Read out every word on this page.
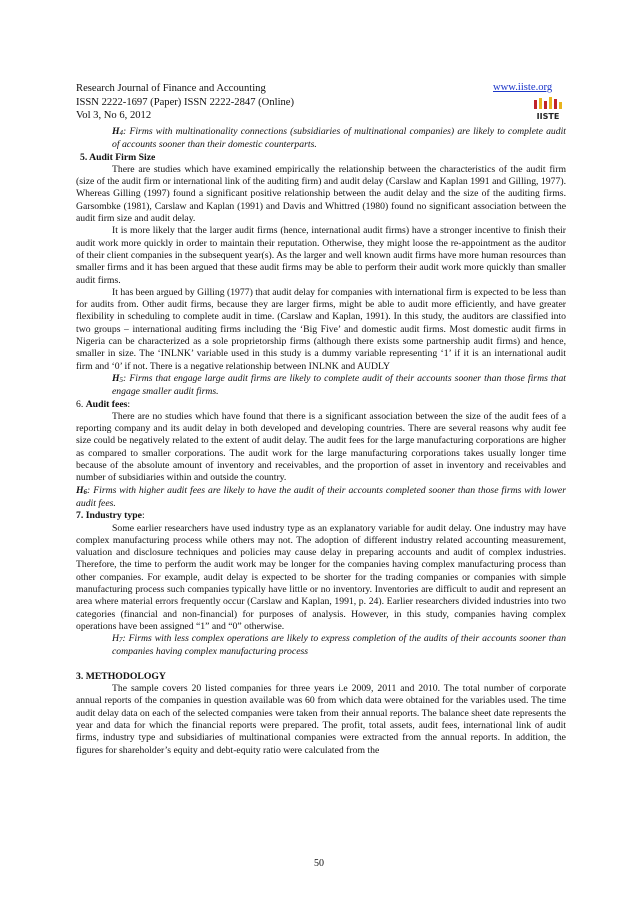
Research Journal of Finance and Accounting
ISSN 2222-1697 (Paper) ISSN 2222-2847 (Online)
Vol 3, No 6, 2012
www.iiste.org
IISTE

H4: Firms with multinationality connections (subsidiaries of multinational companies) are likely to complete audit of accounts sooner than their domestic counterparts.

5. Audit Firm Size

There are studies which have examined empirically the relationship between the characteristics of the audit firm (size of the audit firm or international link of the auditing firm) and audit delay (Carslaw and Kaplan 1991 and Gilling, 1977). Whereas Gilling (1997) found a significant positive relationship between the audit delay and the size of the auditing firms. Garsombke (1981), Carslaw and Kaplan (1991) and Davis and Whittred (1980) found no significant association between the audit firm size and audit delay.

It is more likely that the larger audit firms (hence, international audit firms) have a stronger incentive to finish their audit work more quickly in order to maintain their reputation. Otherwise, they might loose the re-appointment as the auditor of their client companies in the subsequent year(s). As the larger and well known audit firms have more human resources than smaller firms and it has been argued that these audit firms may be able to perform their audit work more quickly than smaller audit firms.

It has been argued by Gilling (1977) that audit delay for companies with international firm is expected to be less than for audits from. Other audit firms, because they are larger firms, might be able to audit more efficiently, and have greater flexibility in scheduling to complete audit in time. (Carslaw and Kaplan, 1991). In this study, the auditors are classified into two groups – international auditing firms including the ‘Big Five’ and domestic audit firms. Most domestic audit firms in Nigeria can be characterized as a sole proprietorship firms (although there exists some partnership audit firms) and hence, smaller in size. The ‘INLNK’ variable used in this study is a dummy variable representing ‘1’ if it is an international audit firm and ‘0’ if not. There is a negative relationship between INLNK and AUDLY

H5: Firms that engage large audit firms are likely to complete audit of their accounts sooner than those firms that engage smaller audit firms.

6. Audit fees:

There are no studies which have found that there is a significant association between the size of the audit fees of a reporting company and its audit delay in both developed and developing countries. There are several reasons why audit fee size could be negatively related to the extent of audit delay. The audit fees for the large manufacturing corporations are higher as compared to smaller corporations. The audit work for the large manufacturing corporations takes usually longer time because of the absolute amount of inventory and receivables, and the proportion of asset in inventory and receivables and number of subsidiaries within and outside the country.

H6: Firms with higher audit fees are likely to have the audit of their accounts completed sooner than those firms with lower audit fees.

7. Industry type:

Some earlier researchers have used industry type as an explanatory variable for audit delay. One industry may have complex manufacturing process while others may not. The adoption of different industry related accounting measurement, valuation and disclosure techniques and policies may cause delay in preparing accounts and audit of complex industries. Therefore, the time to perform the audit work may be longer for the companies having complex manufacturing process than other companies. For example, audit delay is expected to be shorter for the trading companies or companies with simple manufacturing process such companies typically have little or no inventory. Inventories are difficult to audit and represent an area where material errors frequently occur (Carslaw and Kaplan, 1991, p. 24). Earlier researchers divided industries into two categories (financial and non-financial) for purposes of analysis. However, in this study, companies having complex operations have been assigned “1” and “0” otherwise.

H7: Firms with less complex operations are likely to express completion of the audits of their accounts sooner than companies having complex manufacturing process

3. METHODOLOGY

The sample covers 20 listed companies for three years i.e 2009, 2011 and 2010. The total number of corporate annual reports of the companies in question available was 60 from which data were obtained for the variables used. The time audit delay data on each of the selected companies were taken from their annual reports. The balance sheet date represents the year and data for which the financial reports were prepared. The profit, total assets, audit fees, international link of audit firms, industry type and subsidiaries of multinational companies were extracted from the annual reports. In addition, the figures for shareholder’s equity and debt-equity ratio were calculated from the

50
